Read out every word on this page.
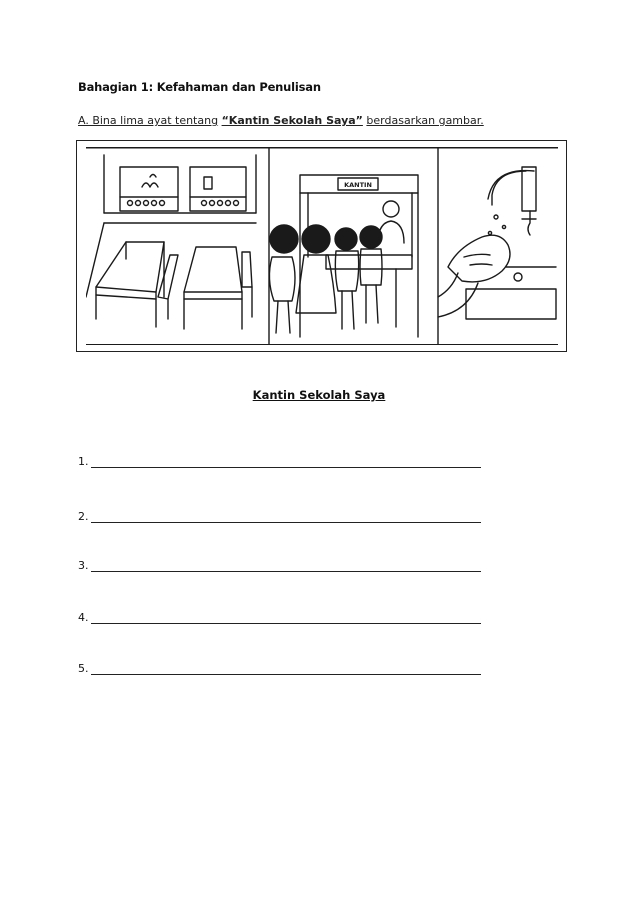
Bahagian 1: Kefahaman dan Penulisan
A. Bina lima ayat tentang “Kantin Sekolah Saya” berdasarkan gambar.
KANTIN
Kantin Sekolah Saya
1.
2.
3.
4.
5.
